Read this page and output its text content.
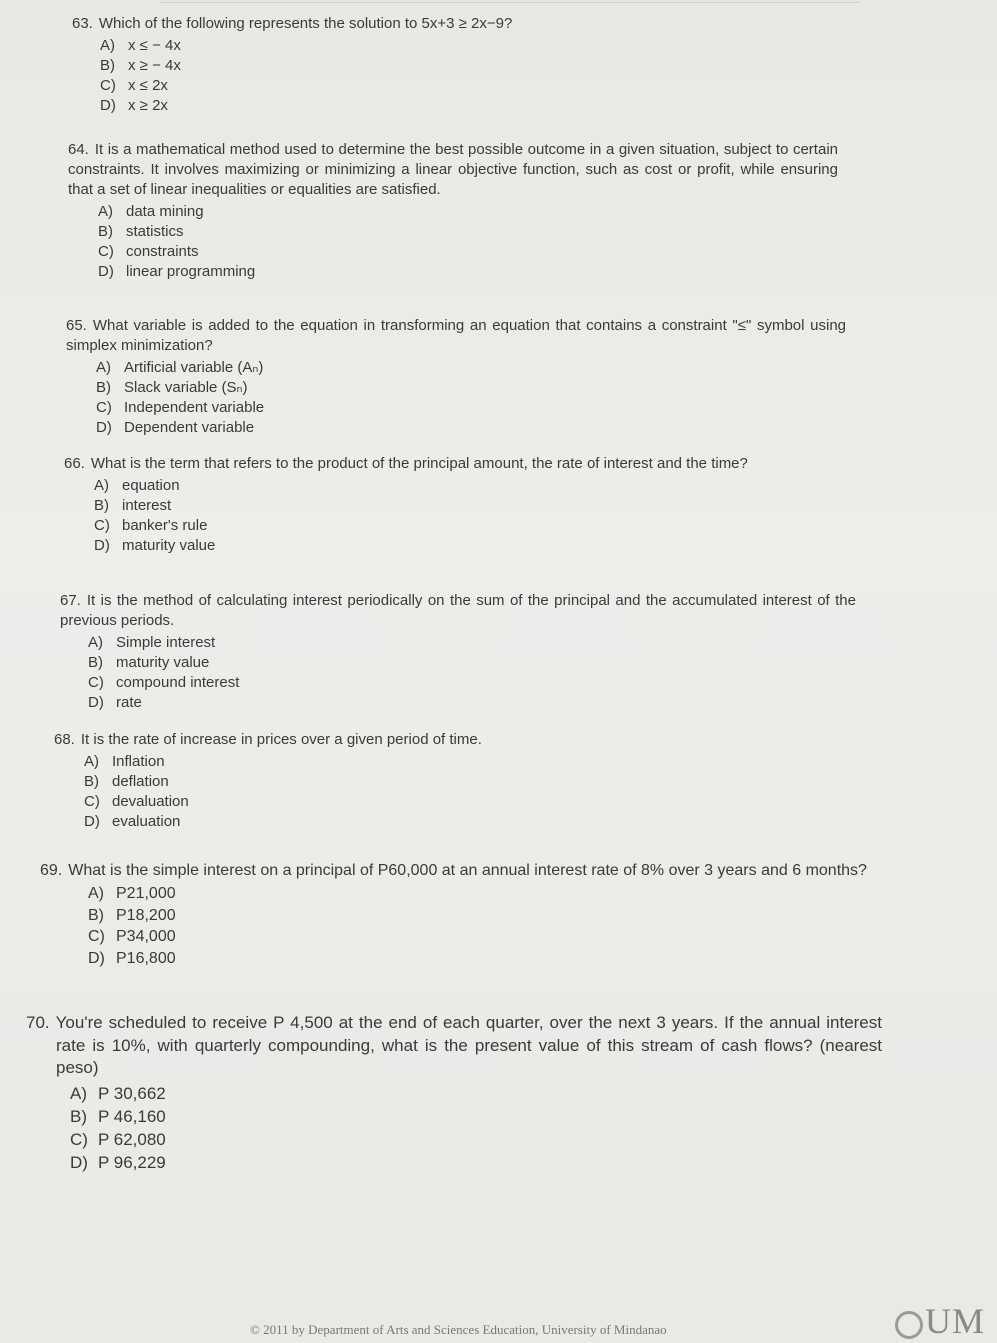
63. Which of the following represents the solution to 5x+3 ≥ 2x−9?
A) x ≤ − 4x
B) x ≥ − 4x
C) x ≤ 2x
D) x ≥ 2x
64. It is a mathematical method used to determine the best possible outcome in a given situation, subject to certain constraints. It involves maximizing or minimizing a linear objective function, such as cost or profit, while ensuring that a set of linear inequalities or equalities are satisfied.
A) data mining
B) statistics
C) constraints
D) linear programming
65. What variable is added to the equation in transforming an equation that contains a constraint "≤" symbol using simplex minimization?
A) Artificial variable (Aₙ)
B) Slack variable (Sₙ)
C) Independent variable
D) Dependent variable
66. What is the term that refers to the product of the principal amount, the rate of interest and the time?
A) equation
B) interest
C) banker's rule
D) maturity value
67. It is the method of calculating interest periodically on the sum of the principal and the accumulated interest of the previous periods.
A) Simple interest
B) maturity value
C) compound interest
D) rate
68. It is the rate of increase in prices over a given period of time.
A) Inflation
B) deflation
C) devaluation
D) evaluation
69. What is the simple interest on a principal of P60,000 at an annual interest rate of 8% over 3 years and 6 months?
A) P21,000
B) P18,200
C) P34,000
D) P16,800
70. You're scheduled to receive P 4,500 at the end of each quarter, over the next 3 years. If the annual interest rate is 10%, with quarterly compounding, what is the present value of this stream of cash flows? (nearest peso)
A) P 30,662
B) P 46,160
C) P 62,080
D) P 96,229
© 2011 by Department of Arts and Sciences Education, University of Mindanao	UM
